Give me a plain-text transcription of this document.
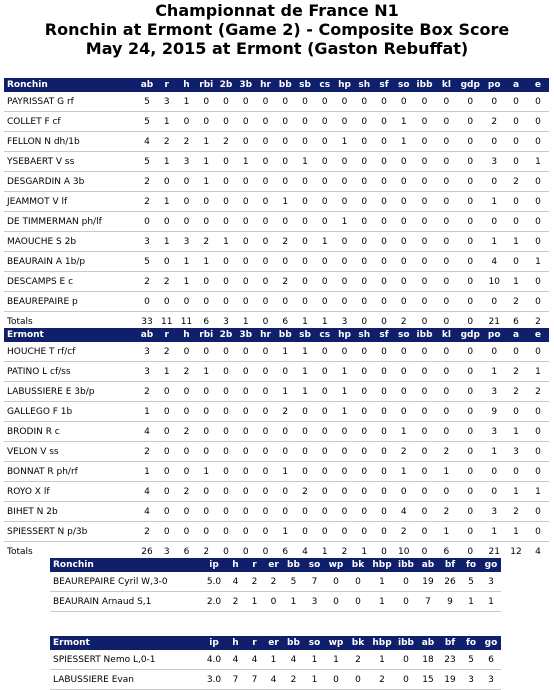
Championnat de France N1
Ronchin at Ermont (Game 2) - Composite Box Score
May 24, 2015 at Ermont (Gaston Rebuffat)
Ronchin	ab	r	h	rbi	2b	3b	hr	bb	sb	cs	hp	sh	sf	so	ibb	kl	gdp	po	a	e
PAYRISSAT G rf	5	3	1	0	0	0	0	0	0	0	0	0	0	0	0	0	0	0	0	0
COLLET F cf	5	1	0	0	0	0	0	0	0	0	0	0	0	1	0	0	0	2	0	0
FELLON N dh/1b	4	2	2	1	2	0	0	0	0	0	1	0	0	1	0	0	0	0	0	0
YSEBAERT V ss	5	1	3	1	0	1	0	0	1	0	0	0	0	0	0	0	0	3	0	1
DESGARDIN A 3b	2	0	0	1	0	0	0	0	0	0	0	0	0	0	0	0	0	0	2	0
JEAMMOT V lf	2	1	0	0	0	0	0	1	0	0	0	0	0	0	0	0	0	1	0	0
DE TIMMERMAN ph/lf	0	0	0	0	0	0	0	0	0	0	1	0	0	0	0	0	0	0	0	0
MAOUCHE S 2b	3	1	3	2	1	0	0	2	0	1	0	0	0	0	0	0	0	1	1	0
BEAURAIN A 1b/p	5	0	1	1	0	0	0	0	0	0	0	0	0	0	0	0	0	4	0	1
DESCAMPS E c	2	2	1	0	0	0	0	2	0	0	0	0	0	0	0	0	0	10	1	0
BEAUREPAIRE p	0	0	0	0	0	0	0	0	0	0	0	0	0	0	0	0	0	0	2	0
Totals	33	11	11	6	3	1	0	6	1	1	3	0	0	2	0	0	0	21	6	2
Ermont	ab	r	h	rbi	2b	3b	hr	bb	sb	cs	hp	sh	sf	so	ibb	kl	gdp	po	a	e
HOUCHE T rf/cf	3	2	0	0	0	0	0	1	1	0	0	0	0	0	0	0	0	0	0	0
PATINO L cf/ss	3	1	2	1	0	0	0	0	1	0	1	0	0	0	0	0	0	1	2	1
LABUSSIERE E 3b/p	2	0	0	0	0	0	0	1	1	0	1	0	0	0	0	0	0	3	2	2
GALLEGO F 1b	1	0	0	0	0	0	0	2	0	0	1	0	0	0	0	0	0	9	0	0
BRODIN R c	4	0	2	0	0	0	0	0	0	0	0	0	0	1	0	0	0	3	1	0
VELON V ss	2	0	0	0	0	0	0	0	0	0	0	0	0	2	0	2	0	1	3	0
BONNAT R ph/rf	1	0	0	1	0	0	0	1	0	0	0	0	0	1	0	1	0	0	0	0
ROYO X lf	4	0	2	0	0	0	0	0	2	0	0	0	0	0	0	0	0	0	1	1
BIHET N 2b	4	0	0	0	0	0	0	0	0	0	0	0	0	4	0	2	0	3	2	0
SPIESSERT N p/3b	2	0	0	0	0	0	0	1	0	0	0	0	0	2	0	1	0	1	1	0
Totals	26	3	6	2	0	0	0	6	4	1	2	1	0	10	0	6	0	21	12	4
Ronchin	ip	h	r	er	bb	so	wp	bk	hbp	ibb	ab	bf	fo	go
BEAUREPAIRE Cyril W,3-0	5.0	4	2	2	5	7	0	0	1	0	19	26	5	3
BEAURAIN Arnaud S,1	2.0	2	1	0	1	3	0	0	1	0	7	9	1	1
Ermont	ip	h	r	er	bb	so	wp	bk	hbp	ibb	ab	bf	fo	go
SPIESSERT Nemo L,0-1	4.0	4	4	1	4	1	1	2	1	0	18	23	5	6
LABUSSIERE Evan	3.0	7	7	4	2	1	0	0	2	0	15	19	3	3
